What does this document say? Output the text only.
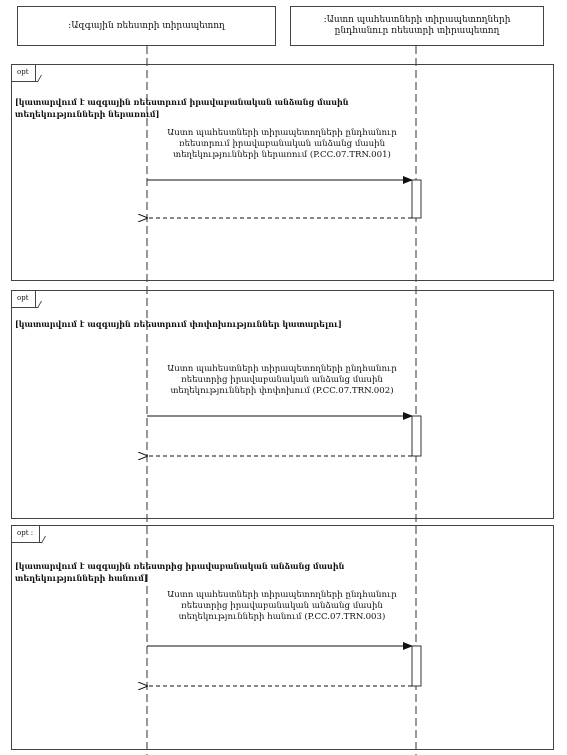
:Ազգային ռեեստրի տիրապետող
:Աստո պահեստների տիրապետողների ընդհանուր ռեեստրի տիրապետող
opt
[կատարվում է ազգային ռեեստրում իրավաբանական անձանց մասին տեղեկությունների ներառում]
Աստո պահեստների տիրապետողների ընդհանուր ռեեստրում իրավաբանական անձանց մասին տեղեկությունների ներառում (P.CC.07.TRN.001)
opt
[կատարվում է ազգային ռեեստրում փոփոխություններ կատարելու]
Աստո պահեստների տիրապետողների ընդհանուր ռեեստրից իրավաբանական անձանց մասին տեղեկությունների փոփոխում (P.CC.07.TRN.002)
opt :
[կատարվում է ազգային ռեեստրից իրավաբանական անձանց մասին տեղեկությունների հանում]
Աստո պահեստների տիրապետողների ընդհանուր ռեեստրից իրավաբանական անձանց մասին տեղեկությունների հանում (P.CC.07.TRN.003)
